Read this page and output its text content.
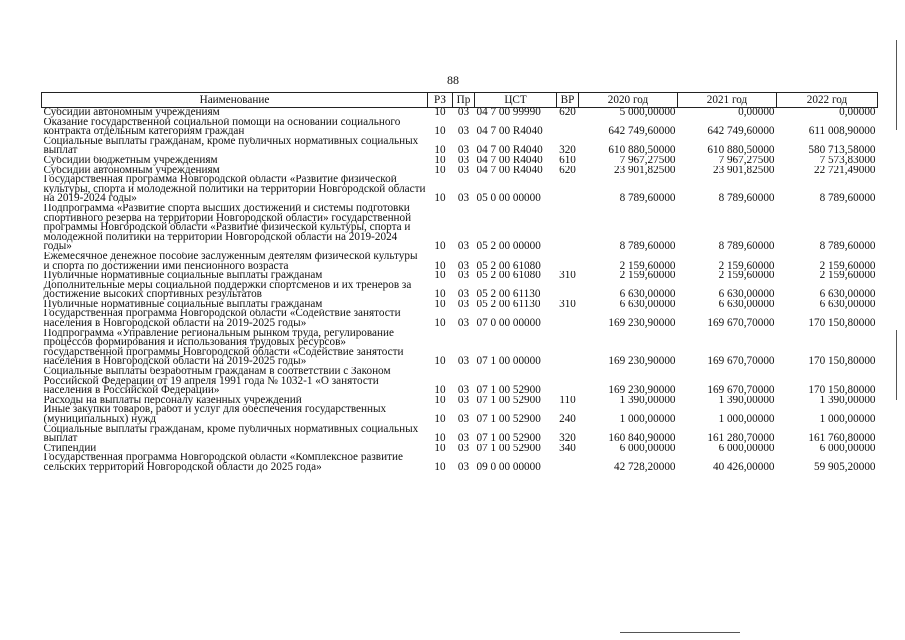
88
Наименование	РЗ	Пр	ЦСТ	ВР	2020 год	2021 год	2022 год
Субсидии автономным учреждениям	10	03	04 7 00 99990	620	5 000,00000	0,00000	0,00000
Оказание государственной социальной помощи на основании социального контракта отдельным категориям граждан	10	03	04 7 00 R4040		642 749,60000	642 749,60000	611 008,90000
Социальные выплаты гражданам, кроме публичных нормативных социальных выплат	10	03	04 7 00 R4040	320	610 880,50000	610 880,50000	580 713,58000
Субсидии бюджетным учреждениям	10	03	04 7 00 R4040	610	7 967,27500	7 967,27500	7 573,83000
Субсидии автономным учреждениям	10	03	04 7 00 R4040	620	23 901,82500	23 901,82500	22 721,49000
Государственная программа Новгородской области «Развитие физической культуры, спорта и молодежной политики на территории Новгородской области на 2019-2024 годы»	10	03	05 0 00 00000		8 789,60000	8 789,60000	8 789,60000
Подпрограмма «Развитие спорта высших достижений и системы подготовки спортивного резерва на территории Новгородской области» государственной программы Новгородской области «Развитие физической культуры, спорта и молодежной политики на территории Новгородской области на 2019-2024 годы»	10	03	05 2 00 00000		8 789,60000	8 789,60000	8 789,60000
Ежемесячное денежное пособие заслуженным деятелям физической культуры и спорта по достижении ими пенсионного возраста	10	03	05 2 00 61080		2 159,60000	2 159,60000	2 159,60000
Публичные нормативные социальные выплаты гражданам	10	03	05 2 00 61080	310	2 159,60000	2 159,60000	2 159,60000
Дополнительные меры социальной поддержки спортсменов и их тренеров за достижение высоких спортивных результатов	10	03	05 2 00 61130		6 630,00000	6 630,00000	6 630,00000
Публичные нормативные социальные выплаты гражданам	10	03	05 2 00 61130	310	6 630,00000	6 630,00000	6 630,00000
Государственная программа Новгородской области «Содействие занятости населения в Новгородской области на 2019-2025 годы»	10	03	07 0 00 00000		169 230,90000	169 670,70000	170 150,80000
Подпрограмма «Управление региональным рынком труда, регулирование процессов формирования и использования трудовых ресурсов» государственной программы Новгородской области «Содействие занятости населения в Новгородской области на 2019-2025 годы»	10	03	07 1 00 00000		169 230,90000	169 670,70000	170 150,80000
Социальные выплаты безработным гражданам в соответствии с Законом Российской Федерации от 19 апреля 1991 года № 1032-1 «О занятости населения в Российской Федерации»	10	03	07 1 00 52900		169 230,90000	169 670,70000	170 150,80000
Расходы на выплаты персоналу казенных учреждений	10	03	07 1 00 52900	110	1 390,00000	1 390,00000	1 390,00000
Иные закупки товаров, работ и услуг для обеспечения государственных (муниципальных) нужд	10	03	07 1 00 52900	240	1 000,00000	1 000,00000	1 000,00000
Социальные выплаты гражданам, кроме публичных нормативных социальных выплат	10	03	07 1 00 52900	320	160 840,90000	161 280,70000	161 760,80000
Стипендии	10	03	07 1 00 52900	340	6 000,00000	6 000,00000	6 000,00000
Государственная программа Новгородской области «Комплексное развитие сельских территорий Новгородской области до 2025 года»	10	03	09 0 00 00000		42 728,20000	40 426,00000	59 905,20000
